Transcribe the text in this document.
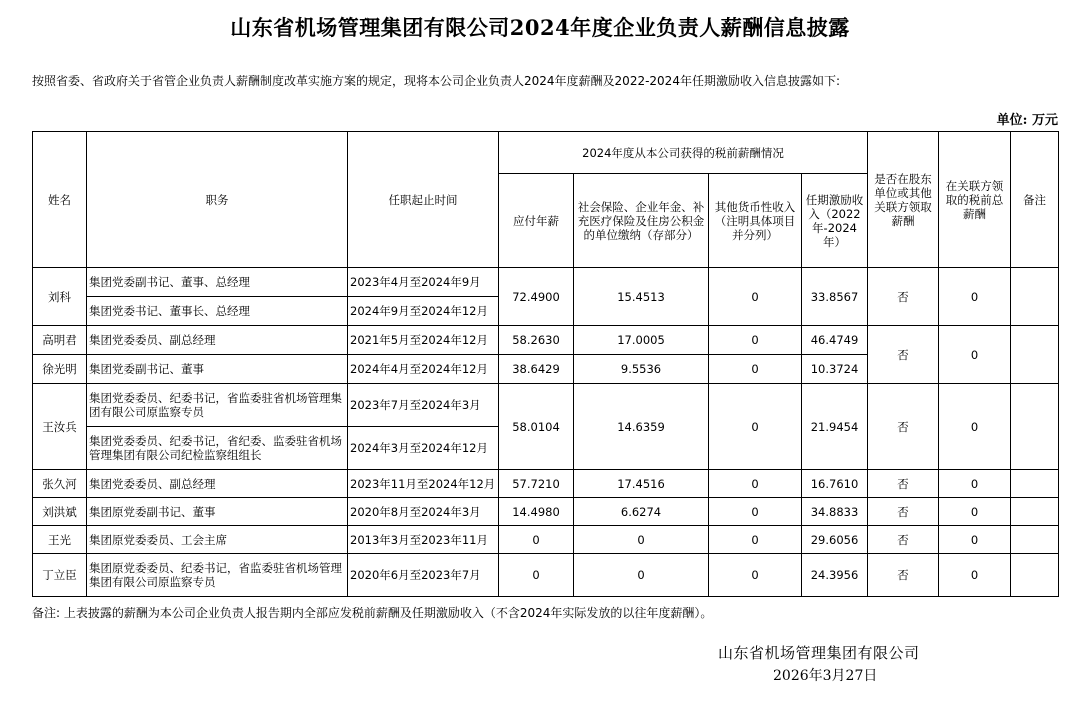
山东省机场管理集团有限公司2024年度企业负责人薪酬信息披露
按照省委、省政府关于省管企业负责人薪酬制度改革实施方案的规定，现将本公司企业负责人2024年度薪酬及2022-2024年任期激励收入信息披露如下:
单位: 万元
姓名	职务	任职起止时间	2024年度从本公司获得的税前薪酬情况				是否在股东单位或其他关联方领取薪酬	在关联方领取的税前总薪酬	备注
			应付年薪	社会保险、企业年金、补充医疗保险及住房公积金的单位缴纳（存部分）	其他货币性收入（注明具体项目并分列）	任期激励收入（2022年-2024年）			
刘科	集团党委副书记、董事、总经理	2023年4月至2024年9月	72.4900	15.4513	0	33.8567	否	0	
	集团党委书记、董事长、总经理	2024年9月至2024年12月							
高明君	集团党委委员、副总经理	2021年5月至2024年12月	58.2630	17.0005	0	46.4749	否	0	
徐光明	集团党委副书记、董事	2024年4月至2024年12月	38.6429	9.5536	0	10.3724			
王汝兵	集团党委委员、纪委书记，省监委驻省机场管理集团有限公司原监察专员	2023年7月至2024年3月	58.0104	14.6359	0	21.9454	否	0	
	集团党委委员、纪委书记，省纪委、监委驻省机场管理集团有限公司纪检监察组组长	2024年3月至2024年12月							
张久河	集团党委委员、副总经理	2023年11月至2024年12月	57.7210	17.4516	0	16.7610	否	0	
刘洪斌	集团原党委副书记、董事	2020年8月至2024年3月	14.4980	6.6274	0	34.8833	否	0	
王光	集团原党委委员、工会主席	2013年3月至2023年11月	0	0	0	29.6056	否	0	
丁立臣	集团原党委委员、纪委书记，省监委驻省机场管理集团有限公司原监察专员	2020年6月至2023年7月	0	0	0	24.3956	否	0	
备注: 上表披露的薪酬为本公司企业负责人报告期内全部应发税前薪酬及任期激励收入（不含2024年实际发放的以往年度薪酬）。
山东省机场管理集团有限公司
2026年3月27日
